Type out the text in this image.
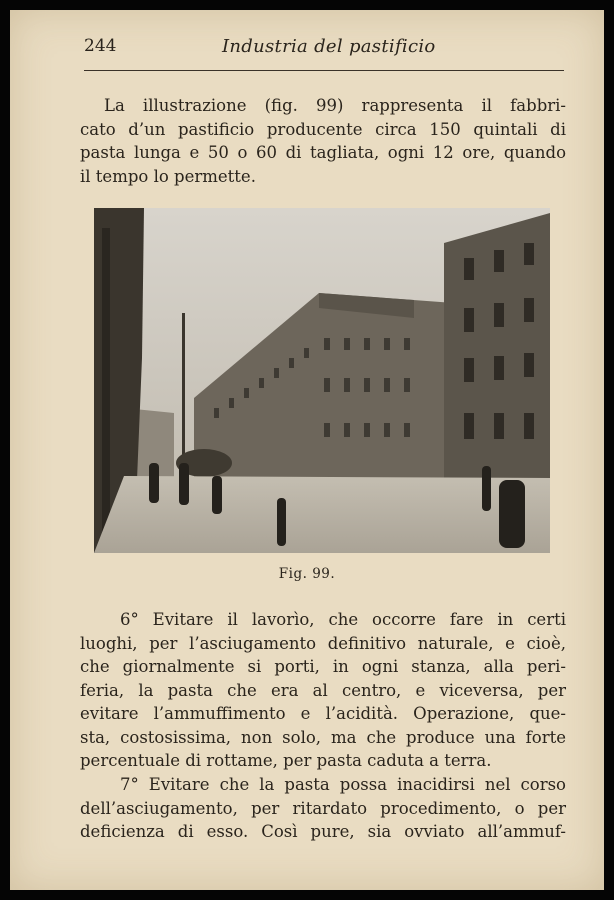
244	Industria del pastificio

La illustrazione (fig. 99) rappresenta il fabbri-
cato d’un pastificio producente circa 150 quintali di
pasta lunga e 50 o 60 di tagliata, ogni 12 ore, quando
il tempo lo permette.

Fig. 99.

6° Evitare il lavorìo, che occorre fare in certi
luoghi, per l’asciugamento definitivo naturale, e cioè,
che giornalmente si porti, in ogni stanza, alla peri-
feria, la pasta che era al centro, e viceversa, per
evitare l’ammuffimento e l’acidità. Operazione, que-
sta, costosissima, non solo, ma che produce una forte
percentuale di rottame, per pasta caduta a terra.

7° Evitare che la pasta possa inacidirsi nel corso
dell’asciugamento, per ritardato procedimento, o per
deficienza di esso. Così pure, sia ovviato all’ammuf-
